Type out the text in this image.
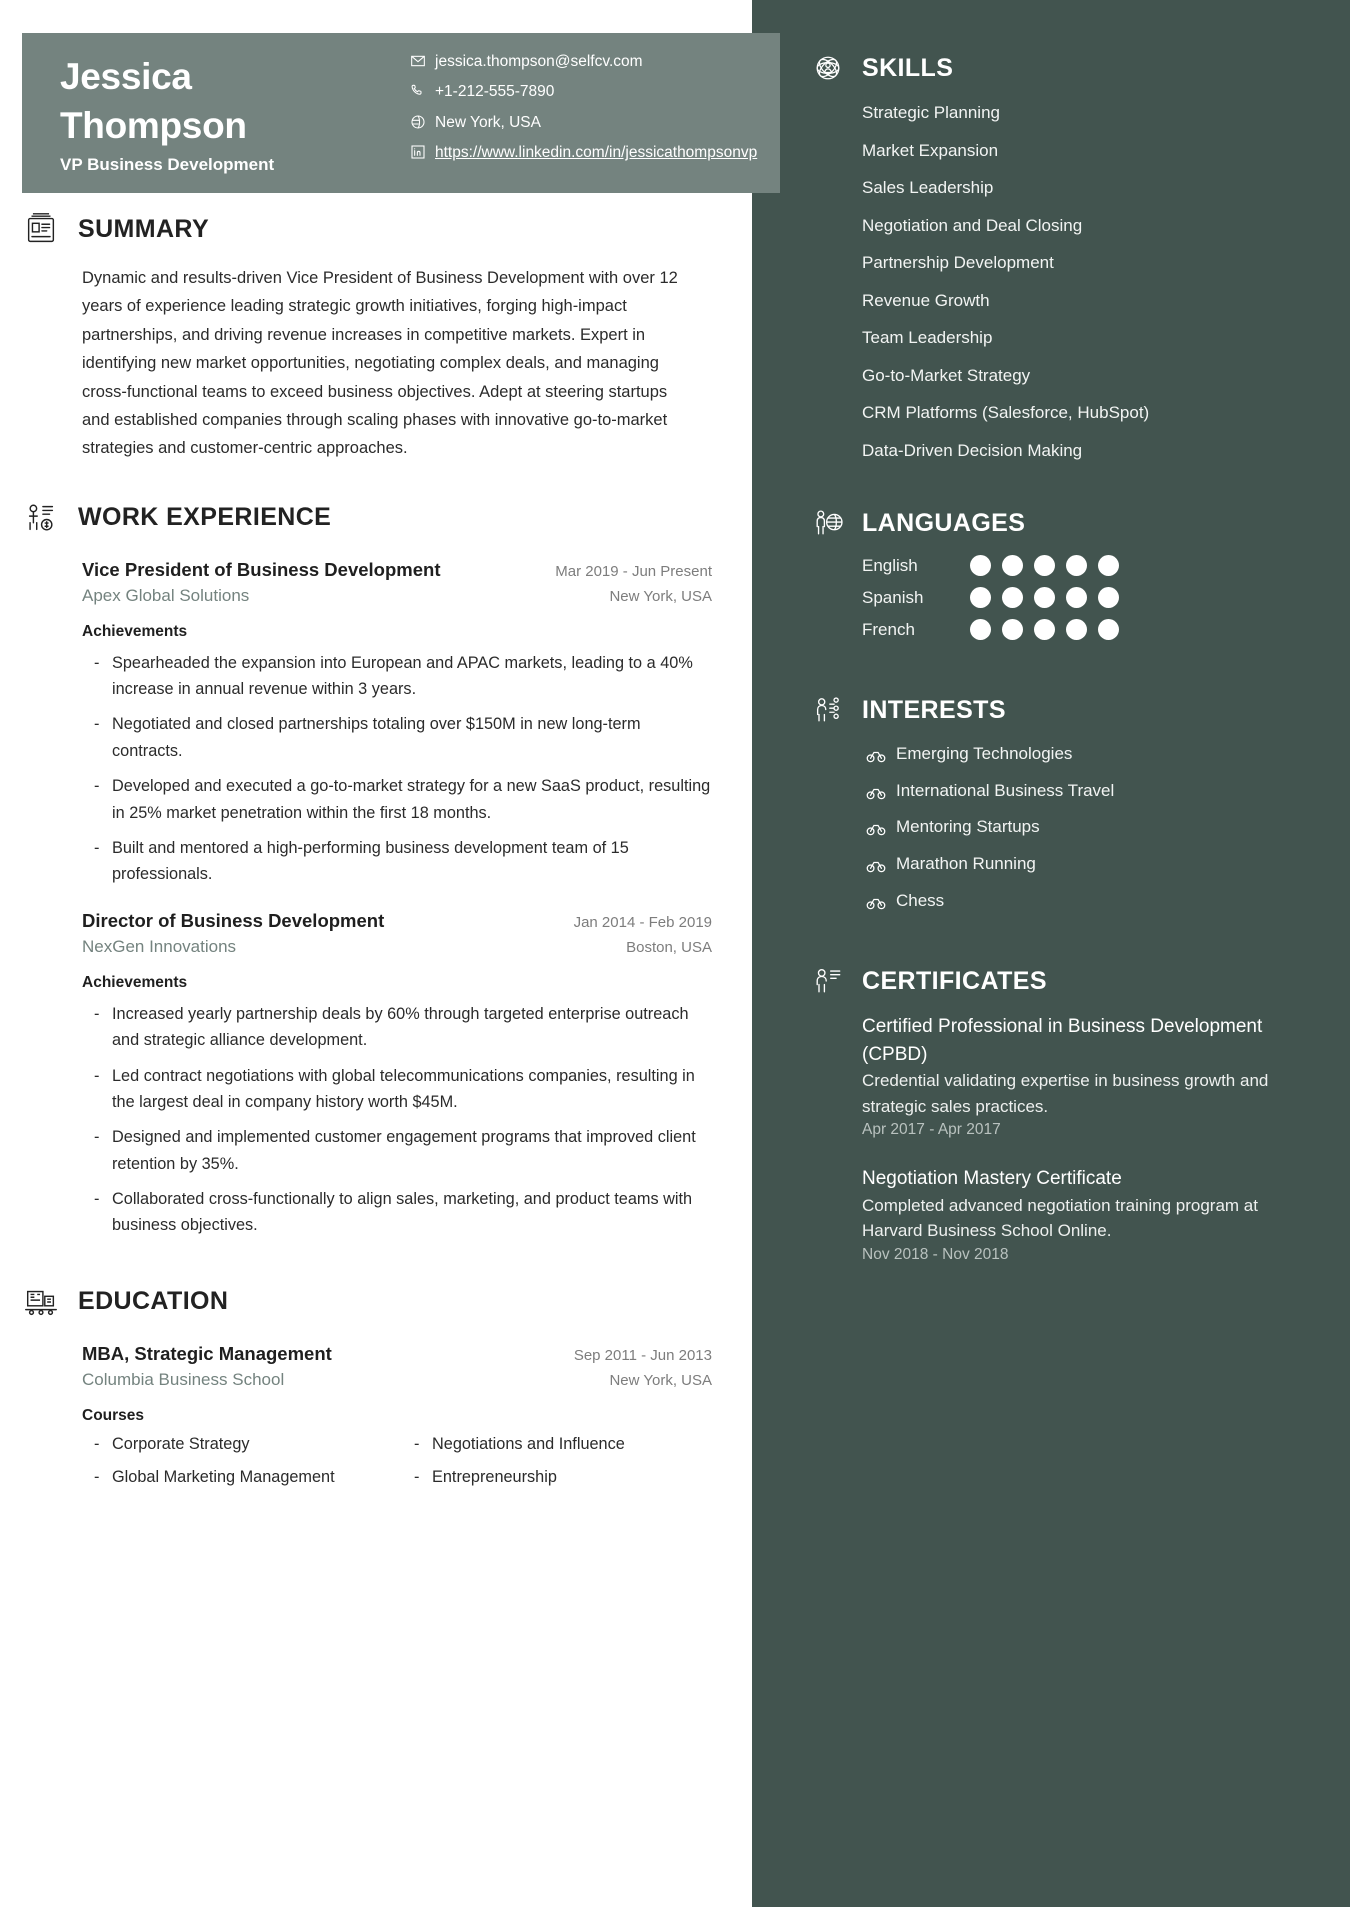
Jessica
Thompson
VP Business Development
jessica.thompson@selfcv.com
+1-212-555-7890
New York, USA
https://www.linkedin.com/in/jessicathompsonvp
SUMMARY

Dynamic and results-driven Vice President of Business Development with over 12 years of experience leading strategic growth initiatives, forging high-impact partnerships, and driving revenue increases in competitive markets. Expert in identifying new market opportunities, negotiating complex deals, and managing cross-functional teams to exceed business objectives. Adept at steering startups and established companies through scaling phases with innovative go-to-market strategies and customer-centric approaches.

WORK EXPERIENCE
Vice President of Business Development	Mar 2019 - Jun Present
Apex Global Solutions	New York, USA
Achievements
- Spearheaded the expansion into European and APAC markets, leading to a 40% increase in annual revenue within 3 years.
- Negotiated and closed partnerships totaling over $150M in new long-term contracts.
- Developed and executed a go-to-market strategy for a new SaaS product, resulting in 25% market penetration within the first 18 months.
- Built and mentored a high-performing business development team of 15 professionals.
Director of Business Development	Jan 2014 - Feb 2019
NexGen Innovations	Boston, USA
Achievements
- Increased yearly partnership deals by 60% through targeted enterprise outreach and strategic alliance development.
- Led contract negotiations with global telecommunications companies, resulting in the largest deal in company history worth $45M.
- Designed and implemented customer engagement programs that improved client retention by 35%.
- Collaborated cross-functionally to align sales, marketing, and product teams with business objectives.
EDUCATION
MBA, Strategic Management	Sep 2011 - Jun 2013
Columbia Business School	New York, USA
Courses
- Corporate Strategy	- Negotiations and Influence
- Global Marketing Management	- Entrepreneurship
SKILLS
Strategic Planning
Market Expansion
Sales Leadership
Negotiation and Deal Closing
Partnership Development
Revenue Growth
Team Leadership
Go-to-Market Strategy
CRM Platforms (Salesforce, HubSpot)
Data-Driven Decision Making
LANGUAGES
English
Spanish
French
INTERESTS
Emerging Technologies
International Business Travel
Mentoring Startups
Marathon Running
Chess
CERTIFICATES
Certified Professional in Business Development (CPBD)
Credential validating expertise in business growth and strategic sales practices.
Apr 2017 - Apr 2017
Negotiation Mastery Certificate
Completed advanced negotiation training program at Harvard Business School Online.
Nov 2018 - Nov 2018
